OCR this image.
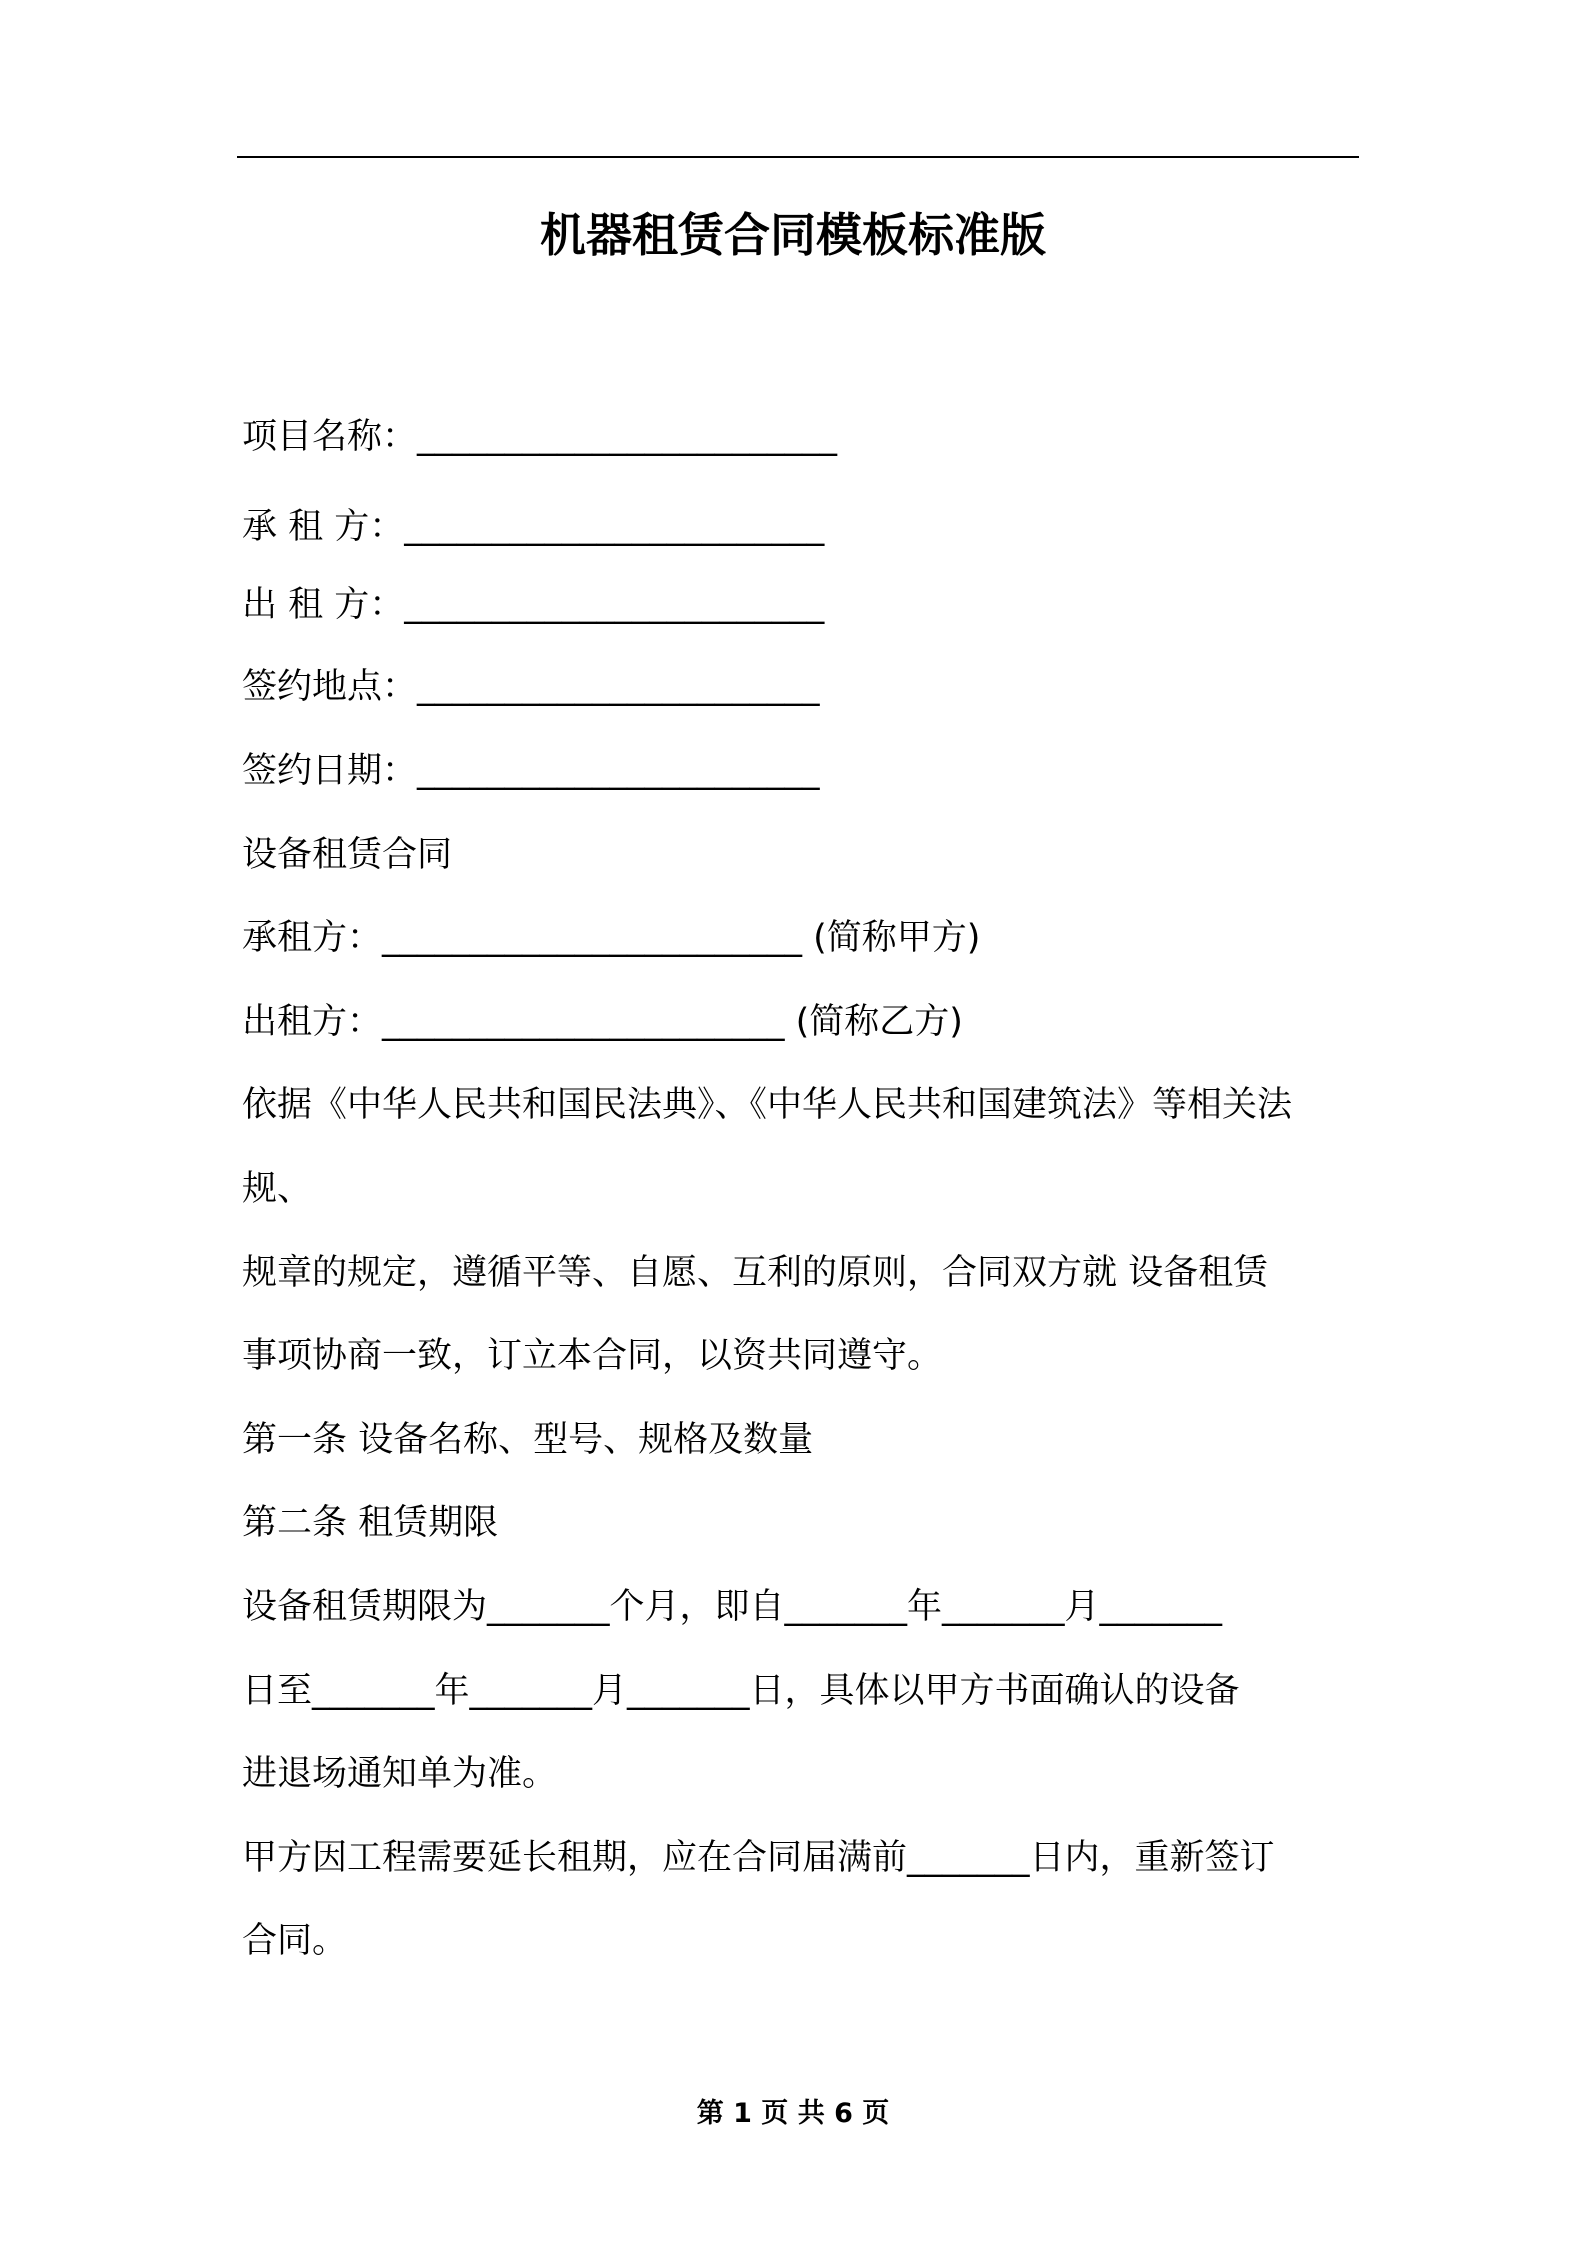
机器租赁合同模板标准版
项目名称：________________________
承 租 方：________________________
出 租 方：________________________
签约地点：_______________________
签约日期：_______________________
设备租赁合同
承租方：________________________ (简称甲方)
出租方：_______________________ (简称乙方)
依据《中华人民共和国民法典》、《中华人民共和国建筑法》等相关法
规、
规章的规定，遵循平等、自愿、互利的原则，合同双方就 设备租赁
事项协商一致，订立本合同，以资共同遵守。
第一条 设备名称、型号、规格及数量
第二条 租赁期限
设备租赁期限为_______个月，即自_______年_______月_______
日至_______年_______月_______日，具体以甲方书面确认的设备
进退场通知单为准。
甲方因工程需要延长租期，应在合同届满前_______日内，重新签订
合同。
第 1 页 共 6 页
